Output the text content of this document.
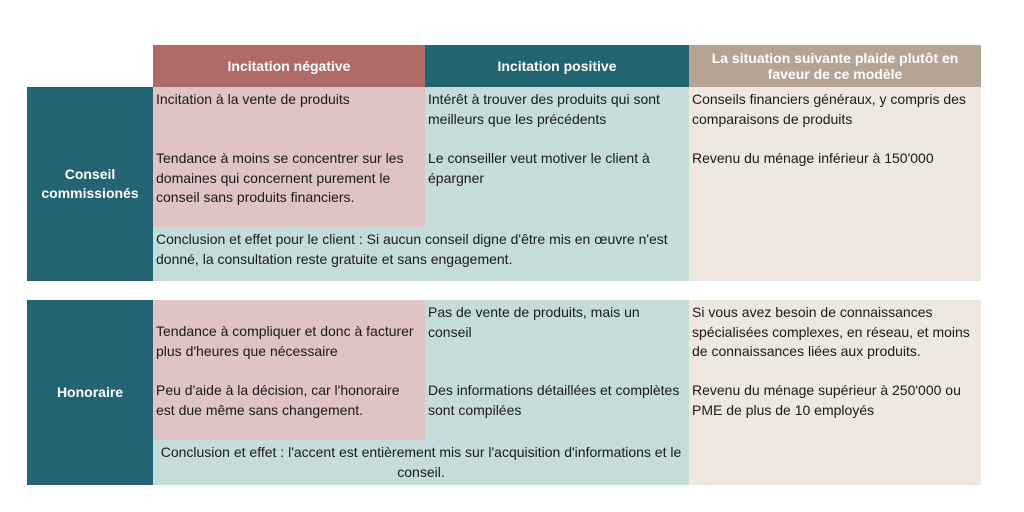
Incitation négative	Incitation positive	La situation suivante plaide plutôt en faveur de ce modèle
Conseil commissionés
Incitation à la vente de produits
Tendance à moins se concentrer sur les domaines qui concernent purement le conseil sans produits financiers.
Intérêt à trouver des produits qui sont meilleurs que les précédents
Le conseiller veut motiver le client à épargner
Conseils financiers généraux, y compris des comparaisons de produits
Revenu du ménage inférieur à 150'000
Conclusion et effet pour le client : Si aucun conseil digne d'être mis en œuvre n'est donné, la consultation reste gratuite et sans engagement.
Honoraire
Tendance à compliquer et donc à facturer plus d'heures que nécessaire
Peu d'aide à la décision, car l'honoraire est due même sans changement.
Pas de vente de produits, mais un conseil
Des informations détaillées et complètes sont compilées
Si vous avez besoin de connaissances spécialisées complexes, en réseau, et moins de connaissances liées aux produits.
Revenu du ménage supérieur à 250'000 ou PME de plus de 10 employés
Conclusion et effet : l'accent est entièrement mis sur l'acquisition d'informations et le conseil.
